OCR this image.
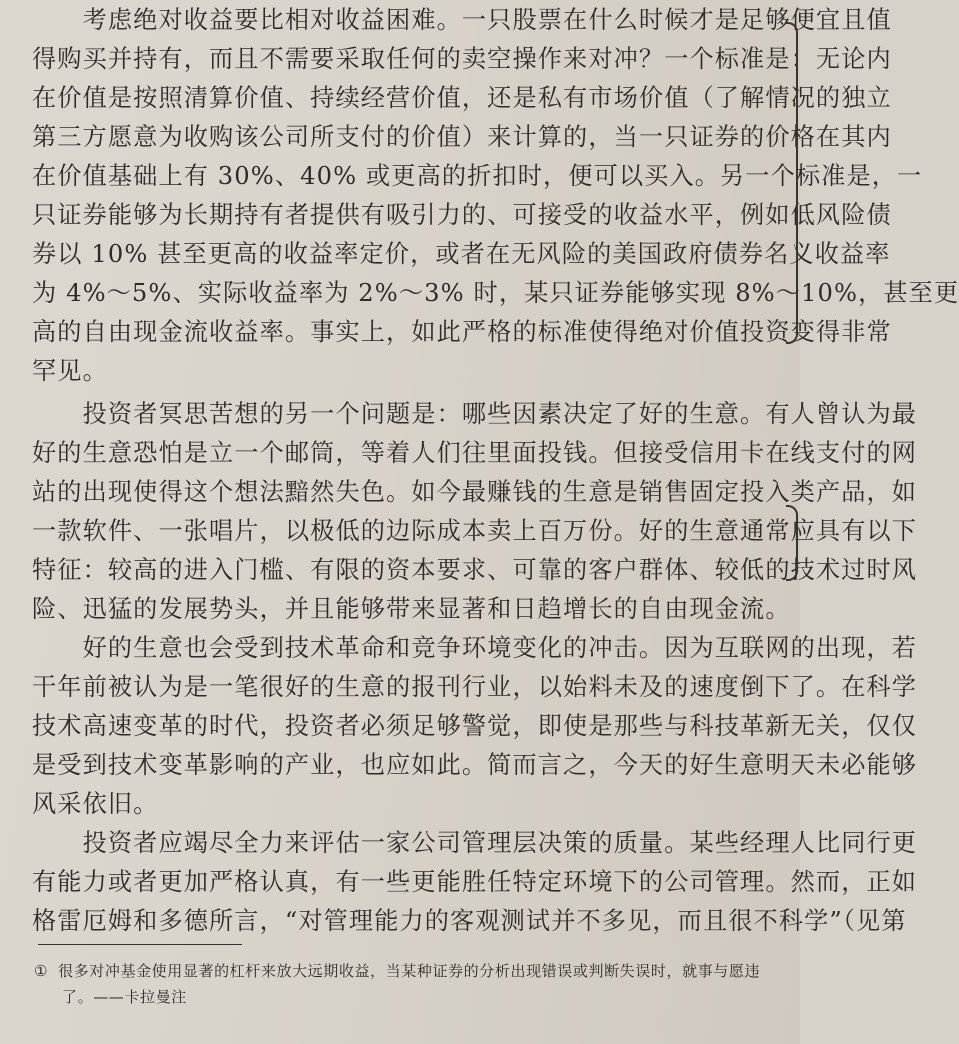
　　考虑绝对收益要比相对收益困难。一只股票在什么时候才是足够便宜且值
得购买并持有，而且不需要采取任何的卖空操作来对冲？一个标准是：无论内
在价值是按照清算价值、持续经营价值，还是私有市场价值（了解情况的独立
第三方愿意为收购该公司所支付的价值）来计算的，当一只证券的价格在其内
在价值基础上有 30%、40% 或更高的折扣时，便可以买入。另一个标准是，一
只证券能够为长期持有者提供有吸引力的、可接受的收益水平，例如低风险债
券以 10% 甚至更高的收益率定价，或者在无风险的美国政府债券名义收益率
为 4%～5%、实际收益率为 2%～3% 时，某只证券能够实现 8%～10%，甚至更
高的自由现金流收益率。事实上，如此严格的标准使得绝对价值投资变得非常
罕见。
　　投资者冥思苦想的另一个问题是：哪些因素决定了好的生意。有人曾认为最
好的生意恐怕是立一个邮筒，等着人们往里面投钱。但接受信用卡在线支付的网
站的出现使得这个想法黯然失色。如今最赚钱的生意是销售固定投入类产品，如
一款软件、一张唱片，以极低的边际成本卖上百万份。好的生意通常应具有以下
特征：较高的进入门槛、有限的资本要求、可靠的客户群体、较低的技术过时风
险、迅猛的发展势头，并且能够带来显著和日趋增长的自由现金流。
　　好的生意也会受到技术革命和竞争环境变化的冲击。因为互联网的出现，若
干年前被认为是一笔很好的生意的报刊行业，以始料未及的速度倒下了。在科学
技术高速变革的时代，投资者必须足够警觉，即使是那些与科技革新无关，仅仅
是受到技术变革影响的产业，也应如此。简而言之，今天的好生意明天未必能够
风采依旧。
　　投资者应竭尽全力来评估一家公司管理层决策的质量。某些经理人比同行更
有能力或者更加严格认真，有一些更能胜任特定环境下的公司管理。然而，正如
格雷厄姆和多德所言，“对管理能力的客观测试并不多见，而且很不科学”（见第
① 很多对冲基金使用显著的杠杆来放大远期收益，当某种证券的分析出现错误或判断失误时，就事与愿违
了。——卡拉曼注
